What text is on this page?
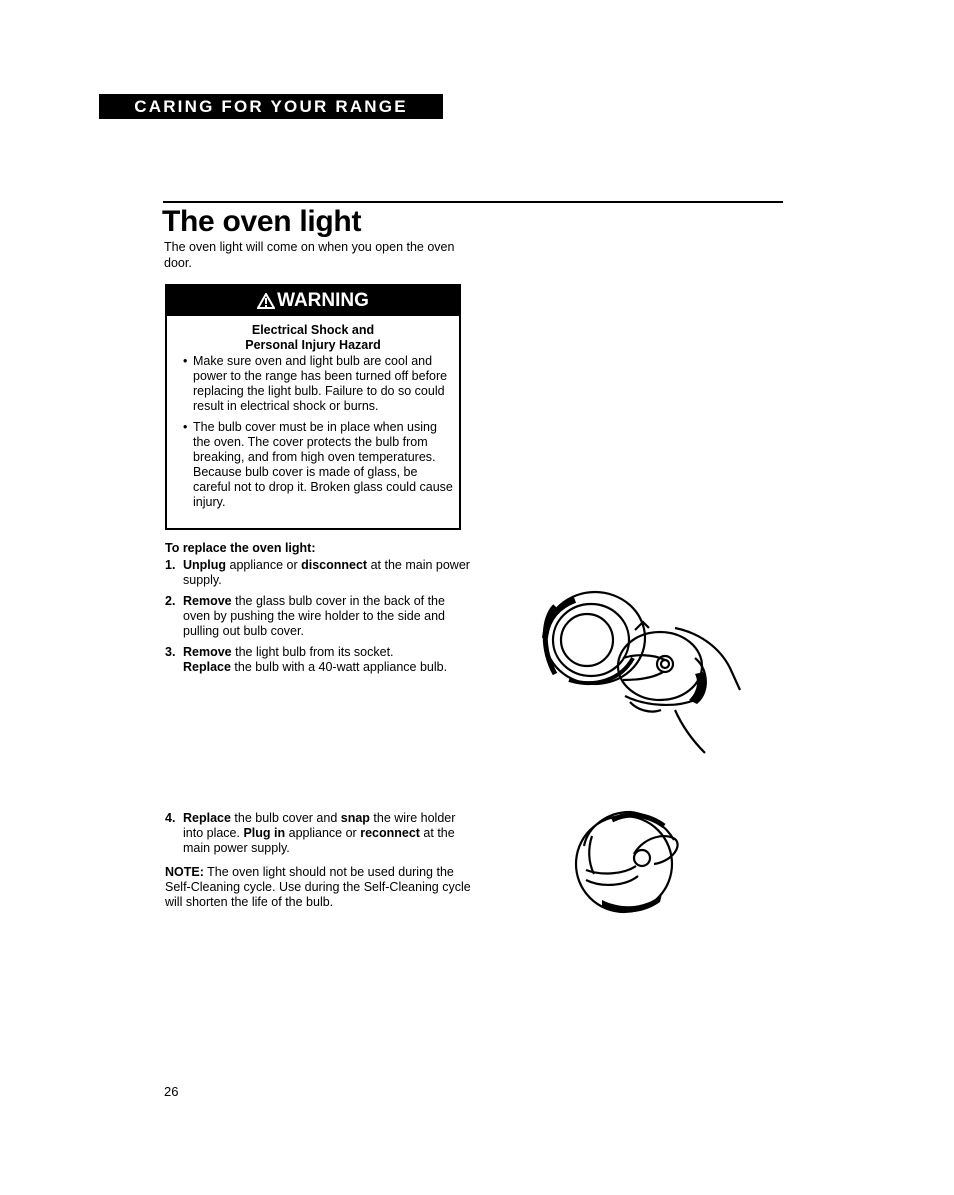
CARING FOR YOUR RANGE
The oven light
The oven light will come on when you open the oven door.
WARNING
Electrical Shock and
Personal Injury Hazard
• Make sure oven and light bulb are cool and power to the range has been turned off before replacing the light bulb. Failure to do so could result in electrical shock or burns.
• The bulb cover must be in place when using the oven. The cover protects the bulb from breaking, and from high oven temperatures. Because bulb cover is made of glass, be careful not to drop it. Broken glass could cause injury.
To replace the oven light:
1. Unplug appliance or disconnect at the main power supply.
2. Remove the glass bulb cover in the back of the oven by pushing the wire holder to the side and pulling out bulb cover.
3. Remove the light bulb from its socket.
Replace the bulb with a 40-watt appliance bulb.
4. Replace the bulb cover and snap the wire holder into place. Plug in appliance or reconnect at the main power supply.
NOTE: The oven light should not be used during the Self-Cleaning cycle. Use during the Self-Cleaning cycle will shorten the life of the bulb.
26
